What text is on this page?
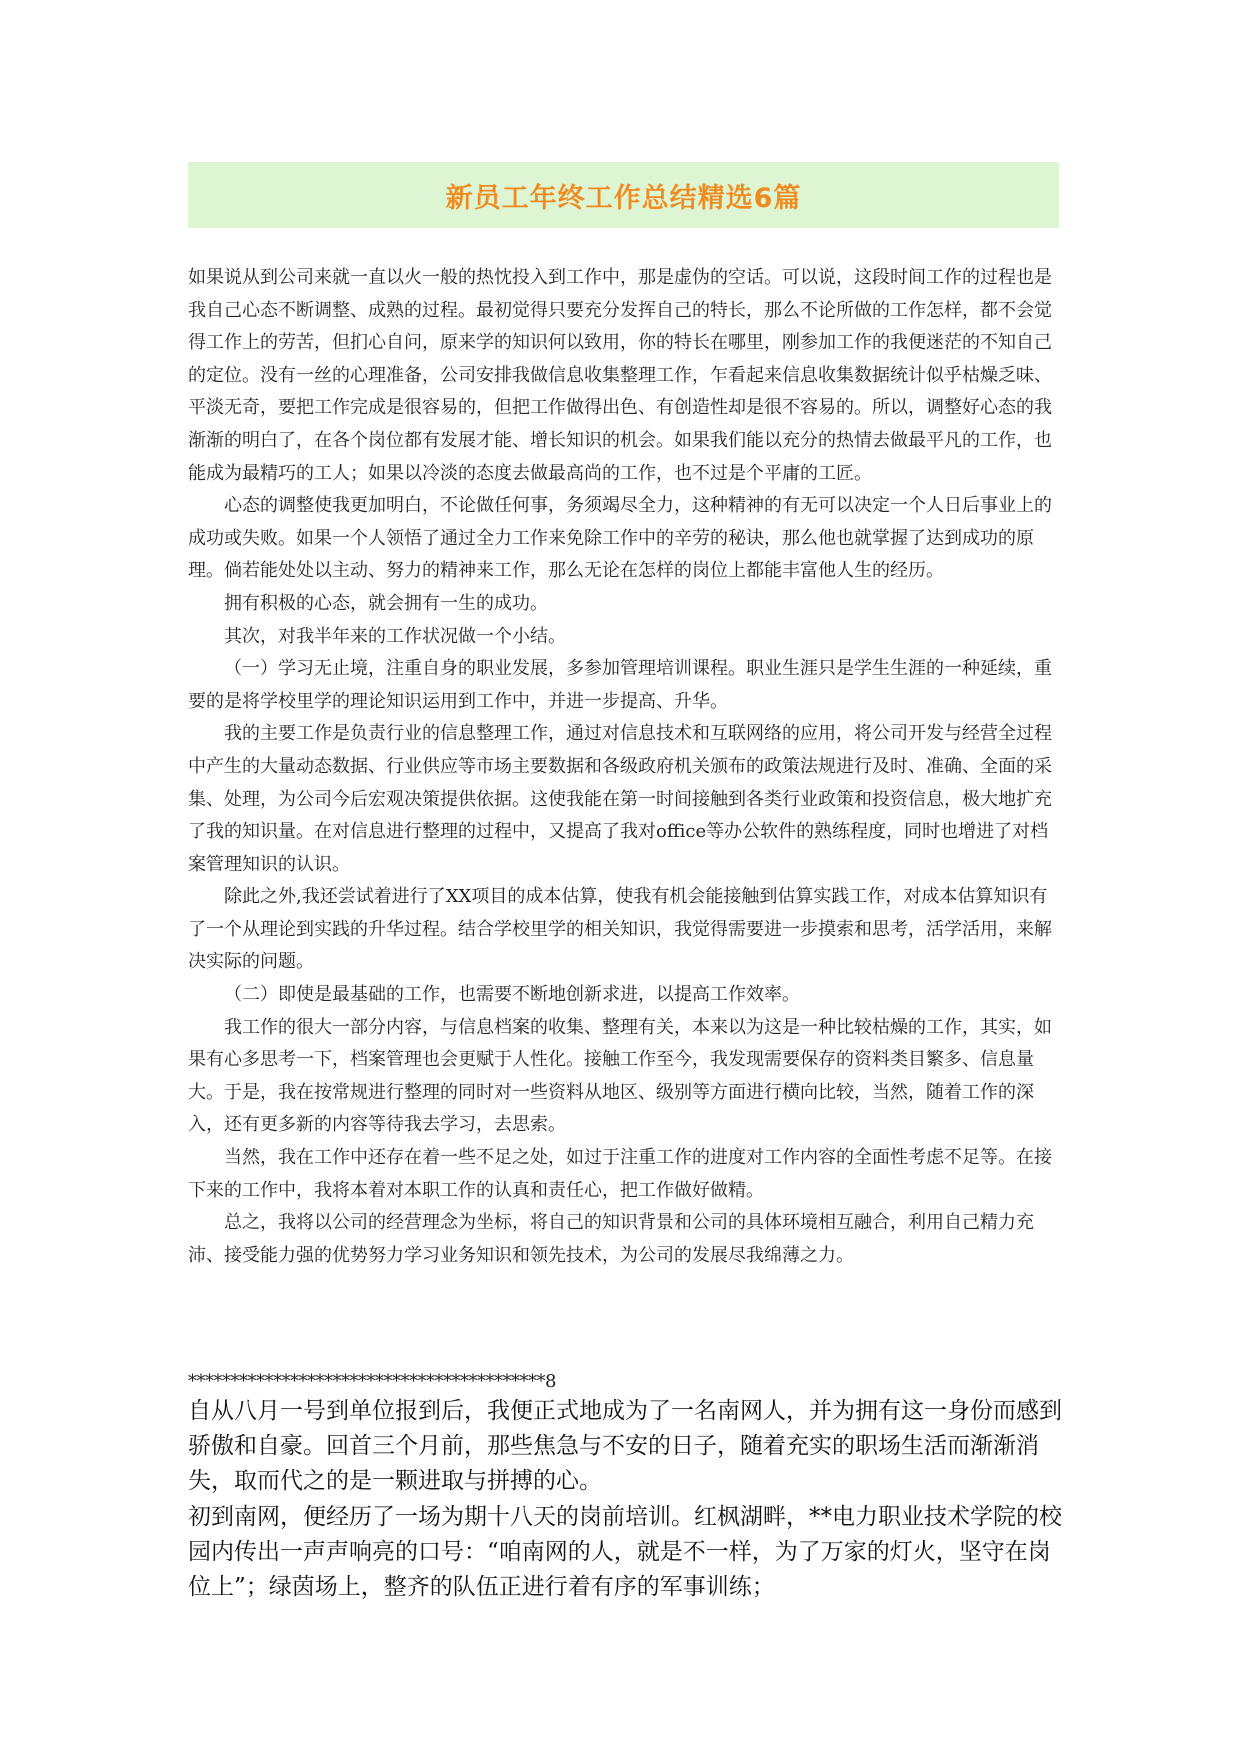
新员工年终工作总结精选6篇

如果说从到公司来就一直以火一般的热忱投入到工作中，那是虚伪的空话。可以说，这段时间工作的过程也是我自己心态不断调整、成熟的过程。最初觉得只要充分发挥自己的特长，那么不论所做的工作怎样，都不会觉得工作上的劳苦，但扪心自问，原来学的知识何以致用，你的特长在哪里，刚参加工作的我便迷茫的不知自己的定位。没有一丝的心理准备，公司安排我做信息收集整理工作，乍看起来信息收集数据统计似乎枯燥乏味、平淡无奇，要把工作完成是很容易的，但把工作做得出色、有创造性却是很不容易的。所以，调整好心态的我渐渐的明白了，在各个岗位都有发展才能、增长知识的机会。如果我们能以充分的热情去做最平凡的工作，也能成为最精巧的工人；如果以冷淡的态度去做最高尚的工作，也不过是个平庸的工匠。

心态的调整使我更加明白，不论做任何事，务须竭尽全力，这种精神的有无可以决定一个人日后事业上的成功或失败。如果一个人领悟了通过全力工作来免除工作中的辛劳的秘诀，那么他也就掌握了达到成功的原理。倘若能处处以主动、努力的精神来工作，那么无论在怎样的岗位上都能丰富他人生的经历。

拥有积极的心态，就会拥有一生的成功。

其次，对我半年来的工作状况做一个小结。

（一）学习无止境，注重自身的职业发展，多参加管理培训课程。职业生涯只是学生生涯的一种延续，重要的是将学校里学的理论知识运用到工作中，并进一步提高、升华。

我的主要工作是负责行业的信息整理工作，通过对信息技术和互联网络的应用，将公司开发与经营全过程中产生的大量动态数据、行业供应等市场主要数据和各级政府机关颁布的政策法规进行及时、准确、全面的采集、处理，为公司今后宏观决策提供依据。这使我能在第一时间接触到各类行业政策和投资信息，极大地扩充了我的知识量。在对信息进行整理的过程中，又提高了我对office等办公软件的熟练程度，同时也增进了对档案管理知识的认识。

除此之外,我还尝试着进行了XX项目的成本估算，使我有机会能接触到估算实践工作，对成本估算知识有了一个从理论到实践的升华过程。结合学校里学的相关知识，我觉得需要进一步摸索和思考，活学活用，来解决实际的问题。

（二）即使是最基础的工作，也需要不断地创新求进，以提高工作效率。

我工作的很大一部分内容，与信息档案的收集、整理有关，本来以为这是一种比较枯燥的工作，其实，如果有心多思考一下，档案管理也会更赋于人性化。接触工作至今，我发现需要保存的资料类目繁多、信息量大。于是，我在按常规进行整理的同时对一些资料从地区、级别等方面进行横向比较，当然，随着工作的深入，还有更多新的内容等待我去学习，去思索。

当然，我在工作中还存在着一些不足之处，如过于注重工作的进度对工作内容的全面性考虑不足等。在接下来的工作中，我将本着对本职工作的认真和责任心，把工作做好做精。

总之，我将以公司的经营理念为坐标，将自己的知识背景和公司的具体环境相互融合，利用自己精力充沛、接受能力强的优势努力学习业务知识和领先技术，为公司的发展尽我绵薄之力。

******************************************8

自从八月一号到单位报到后，我便正式地成为了一名南网人，并为拥有这一身份而感到骄傲和自豪。回首三个月前，那些焦急与不安的日子，随着充实的职场生活而渐渐消失，取而代之的是一颗进取与拼搏的心。

初到南网，便经历了一场为期十八天的岗前培训。红枫湖畔，**电力职业技术学院的校园内传出一声声响亮的口号：“咱南网的人，就是不一样，为了万家的灯火，坚守在岗位上”；绿茵场上，整齐的队伍正进行着有序的军事训练；
